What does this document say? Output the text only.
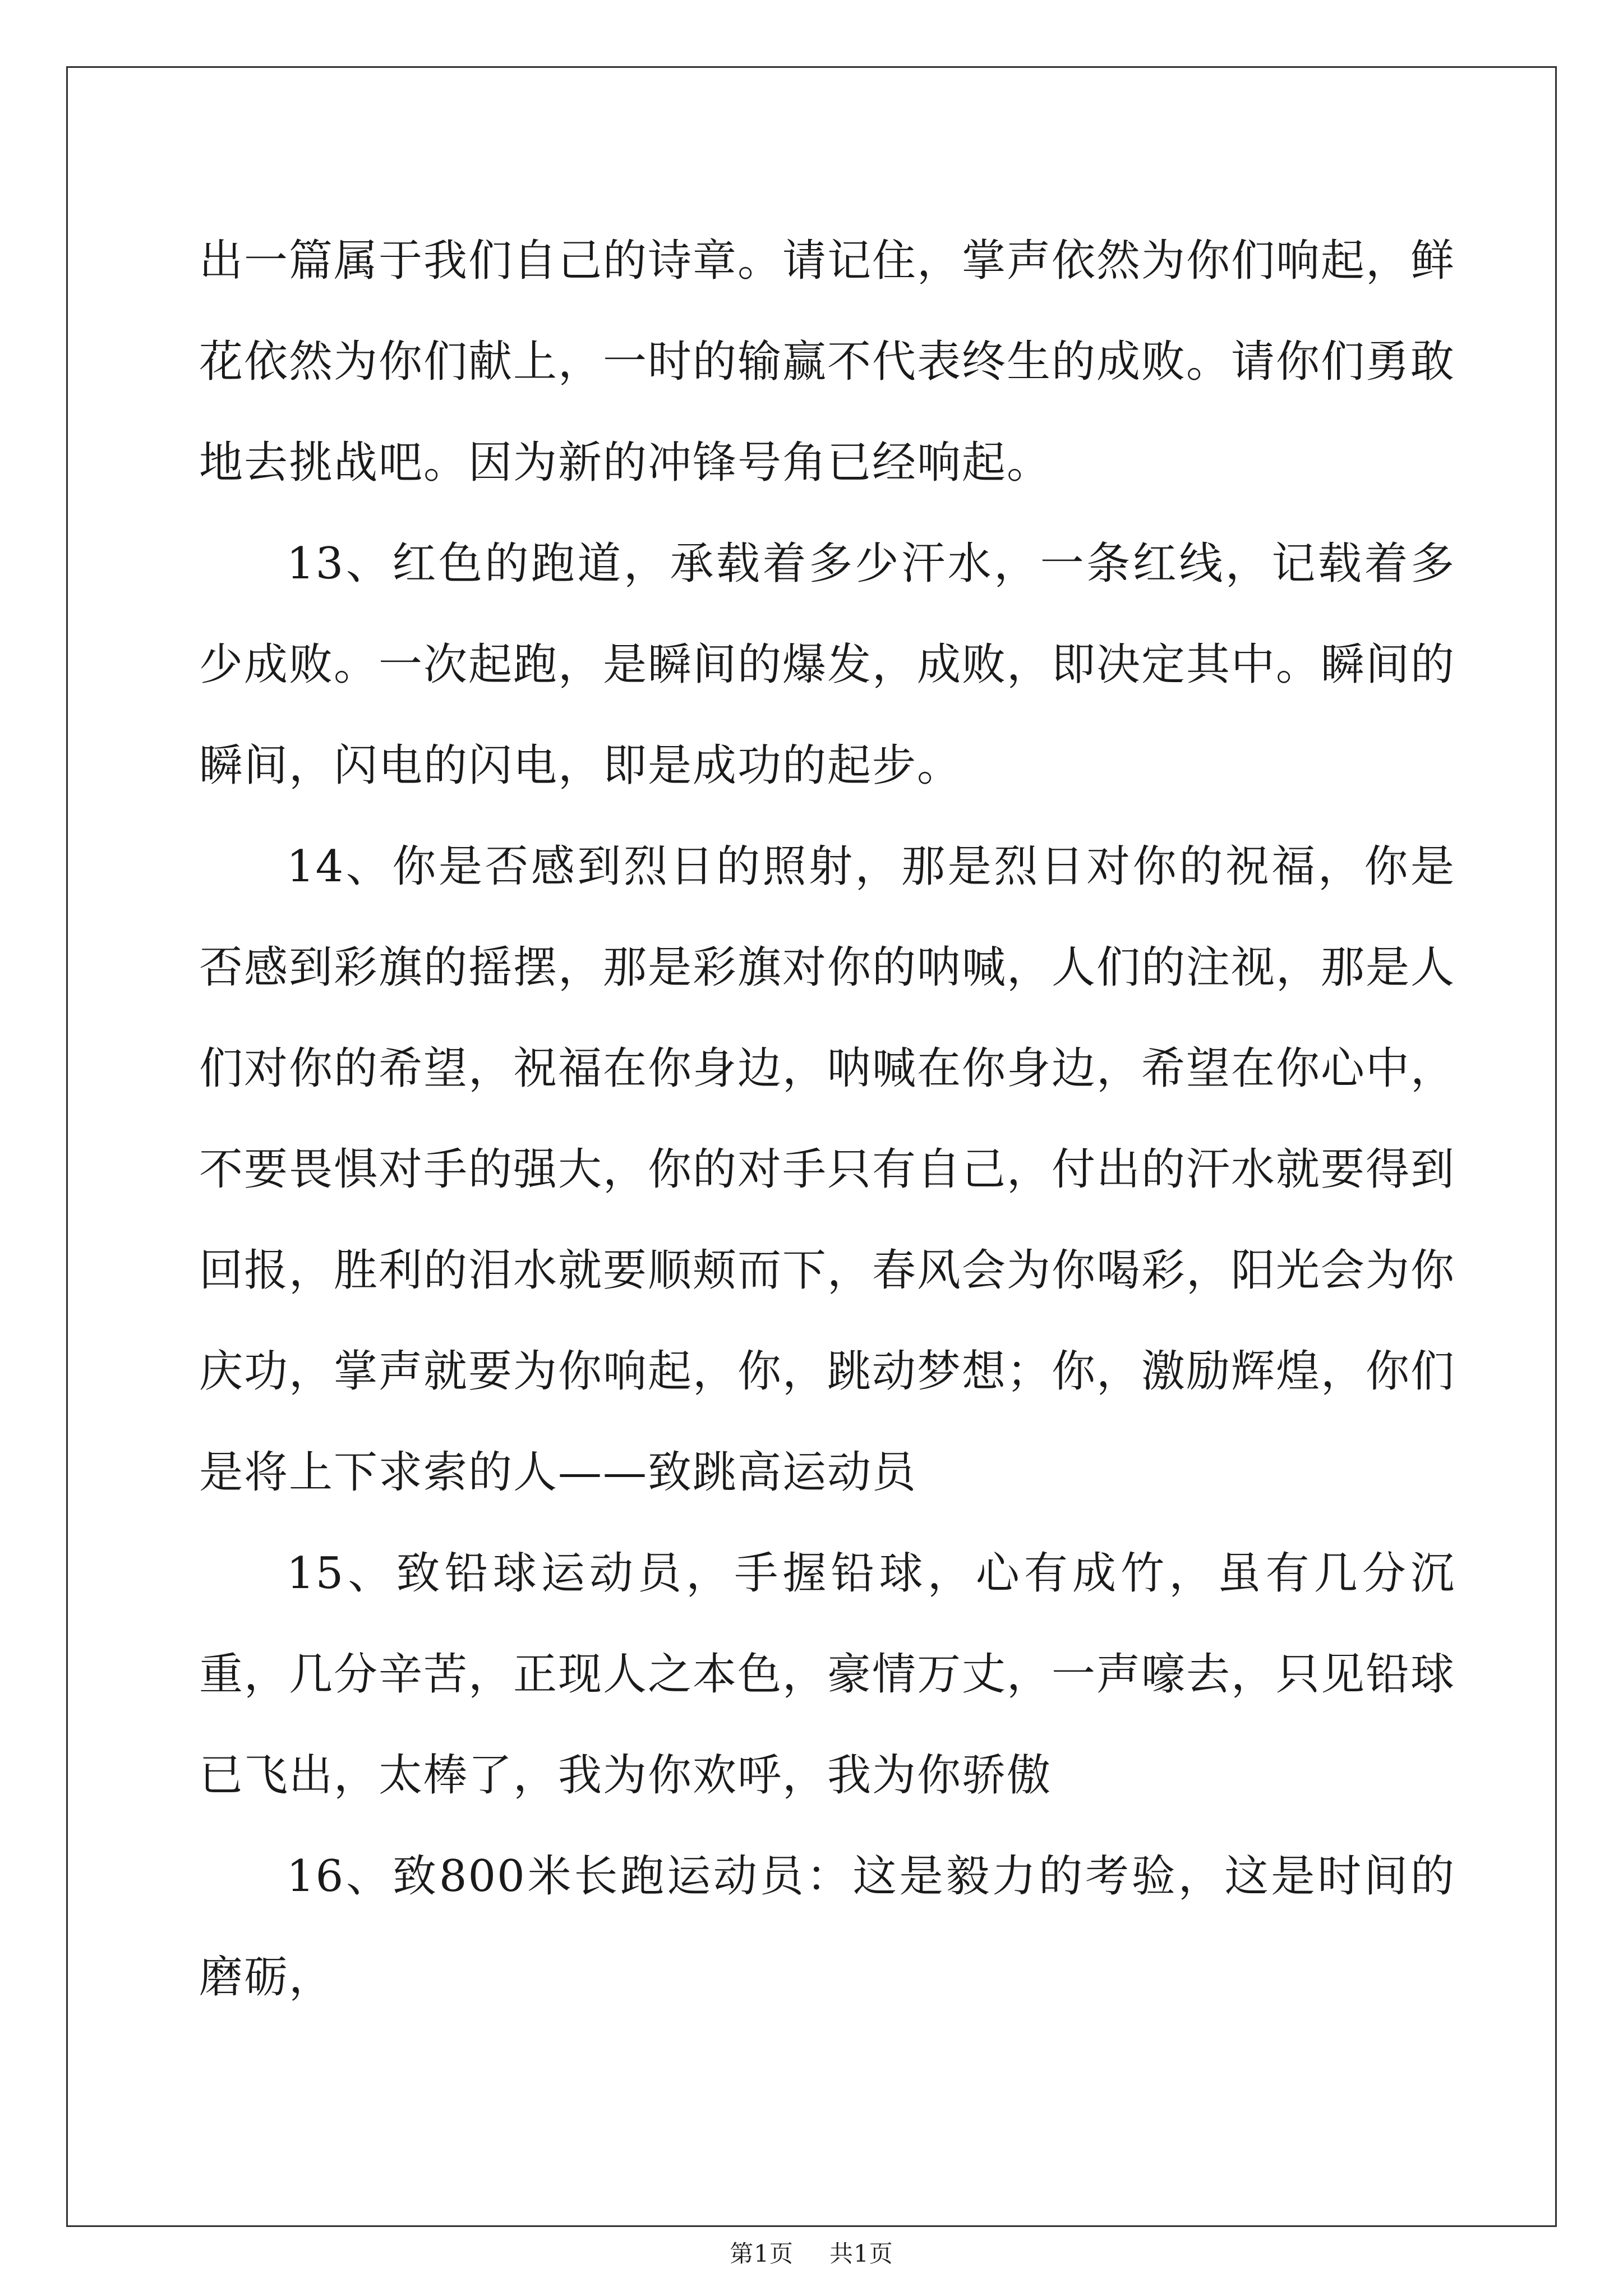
出一篇属于我们自己的诗章。请记住，掌声依然为你们响起，鲜花依然为你们献上，一时的输赢不代表终生的成败。请你们勇敢地去挑战吧。因为新的冲锋号角已经响起。

13、红色的跑道，承载着多少汗水，一条红线，记载着多少成败。一次起跑，是瞬间的爆发，成败，即决定其中。瞬间的瞬间，闪电的闪电，即是成功的起步。

14、你是否感到烈日的照射，那是烈日对你的祝福，你是否感到彩旗的摇摆，那是彩旗对你的呐喊，人们的注视，那是人们对你的希望，祝福在你身边，呐喊在你身边，希望在你心中，不要畏惧对手的强大，你的对手只有自己，付出的汗水就要得到回报，胜利的泪水就要顺颊而下，春风会为你喝彩，阳光会为你庆功，掌声就要为你响起，你，跳动梦想；你，激励辉煌，你们是将上下求索的人——致跳高运动员

15、致铅球运动员，手握铅球，心有成竹，虽有几分沉重，几分辛苦，正现人之本色，豪情万丈，一声嚎去，只见铅球已飞出，太棒了，我为你欢呼，我为你骄傲

16、致800米长跑运动员：这是毅力的考验，这是时间的磨砺，

第1页 共1页
